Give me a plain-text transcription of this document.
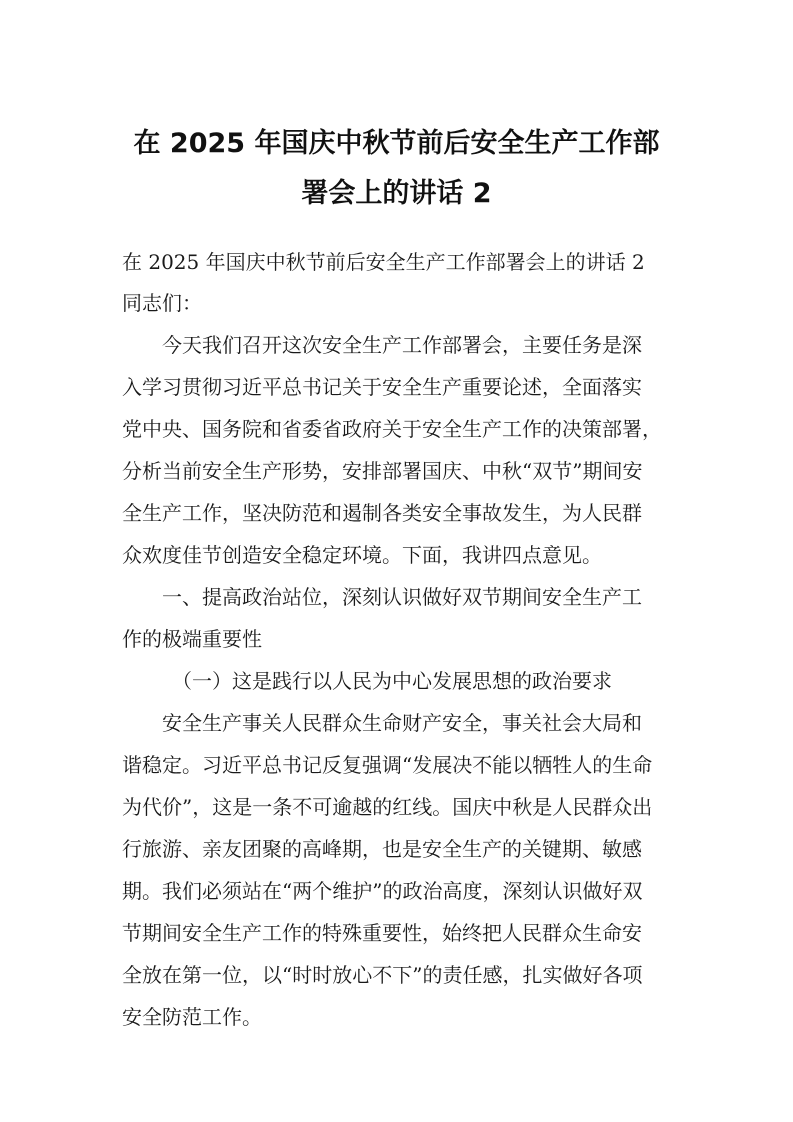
在 2025 年国庆中秋节前后安全生产工作部
署会上的讲话 2
在 2025 年国庆中秋节前后安全生产工作部署会上的讲话 2
同志们：
今天我们召开这次安全生产工作部署会，主要任务是深
入学习贯彻习近平总书记关于安全生产重要论述，全面落实
党中央、国务院和省委省政府关于安全生产工作的决策部署，
分析当前安全生产形势，安排部署国庆、中秋“双节”期间安
全生产工作，坚决防范和遏制各类安全事故发生，为人民群
众欢度佳节创造安全稳定环境。下面，我讲四点意见。
一、提高政治站位，深刻认识做好双节期间安全生产工
作的极端重要性
（一）这是践行以人民为中心发展思想的政治要求
安全生产事关人民群众生命财产安全，事关社会大局和
谐稳定。习近平总书记反复强调“发展决不能以牺牲人的生命
为代价”，这是一条不可逾越的红线。国庆中秋是人民群众出
行旅游、亲友团聚的高峰期，也是安全生产的关键期、敏感
期。我们必须站在“两个维护”的政治高度，深刻认识做好双
节期间安全生产工作的特殊重要性，始终把人民群众生命安
全放在第一位，以“时时放心不下”的责任感，扎实做好各项
安全防范工作。
